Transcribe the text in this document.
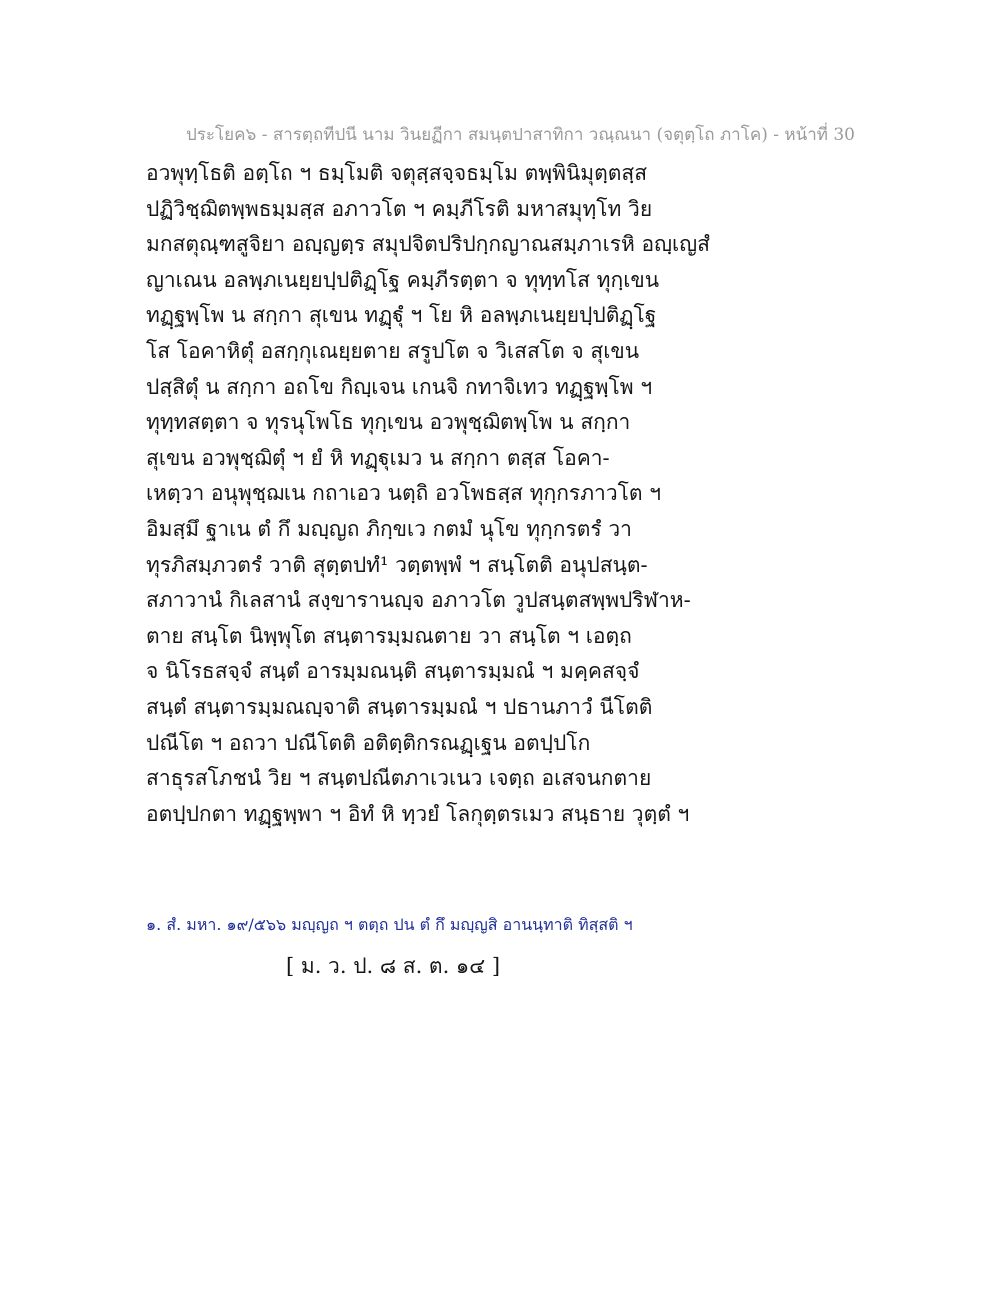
ประโยค๖ - สารตฺถทีปนี นาม วินยฏีกา สมนฺตปาสาทิกา วณฺณนา (จตุตฺโถ ภาโค) - หน้าที่ 30
อวพุทฺโธติ อตฺโถ ฯ ธมฺโมติ จตุสฺสจฺจธมฺโม ตพฺพินิมุตฺตสฺส
ปฏิวิชฺฌิตพฺพธมฺมสฺส อภาวโต ฯ คมฺภีโรติ มหาสมุทฺโท วิย
มกสตุณฺฑสูจิยา อญฺญตฺร สมุปจิตปริปกฺกญาณสมฺภาเรหิ อญฺเญสํ
ญาเณน อลพฺภเนยฺยปฺปติฏฺโฐ คมฺภีรตฺตา จ ทุทฺทโส ทุกฺเขน
ทฏฺฐพฺโพ น สกฺกา สุเขน ทฏฺฐุํ ฯ โย หิ อลพฺภเนยฺยปฺปติฏฺโฐ
โส โอคาหิตุํ อสกฺกุเณยฺยตาย สรูปโต จ วิเสสโต จ สุเขน
ปสฺสิตุํ น สกฺกา อถโข กิญฺเจน เกนจิ กทาจิเทว ทฏฺฐพฺโพ ฯ
ทุทฺทสตฺตา จ ทุรนุโพโธ ทุกฺเขน อวพุชฺฌิตพฺโพ น สกฺกา
สุเขน อวพุชฺฌิตุํ ฯ ยํ หิ ทฏฺฐุเมว น สกฺกา ตสฺส โอคา-
เหตฺวา อนุพุชฺฌเน กถาเอว นตฺถิ อวโพธสฺส ทุกฺกรภาวโต ฯ
อิมสฺมึ ฐาเน ตํ กึ มญฺญถ ภิกฺขเว กตมํ นุโข ทุกฺกรตรํ วา
ทุรภิสมฺภวตรํ วาติ สุตฺตปทํ¹ วตฺตพฺพํ ฯ สนฺโตติ อนุปสนฺต-
สภาวานํ กิเลสานํ สงฺขารานญฺจ อภาวโต วูปสนฺตสพฺพปริฬาห-
ตาย สนฺโต นิพฺพุโต สนฺตารมฺมณตาย วา สนฺโต ฯ เอตฺถ
จ นิโรธสจฺจํ สนฺตํ อารมฺมณนฺติ สนฺตารมฺมณํ ฯ มคฺคสจฺจํ
สนฺตํ สนฺตารมฺมณญฺจาติ สนฺตารมฺมณํ ฯ ปธานภาวํ นีโตติ
ปณีโต ฯ อถวา ปณีโตติ อติตฺติกรณฏฺเฐน อตปฺปโก
สาธุรสโภชนํ วิย ฯ สนฺตปณีตภาเวเนว เจตฺถ อเสจนกตาย
อตปฺปกตา ทฏฺฐพฺพา ฯ อิทํ หิ ทฺวยํ โลกุตฺตรเมว สนฺธาย วุตฺตํ ฯ
๑. สํ. มหา. ๑๙/๕๖๖ มญฺญถ ฯ ตตฺถ ปน ตํ กึ มญฺญสิ อานนฺทาติ ทิสฺสติ ฯ
[ ม. ว. ป. ๘ ส. ต. ๑๔ ]
